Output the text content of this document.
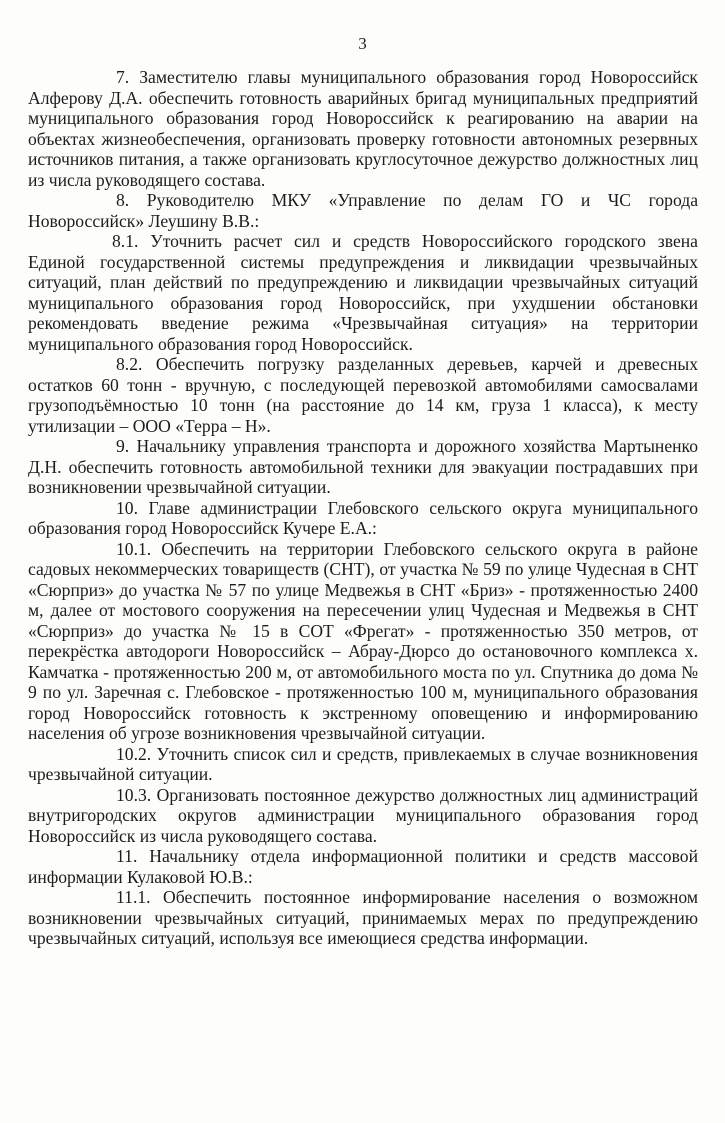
3

7. Заместителю главы муниципального образования город Новороссийск Алферову Д.А. обеспечить готовность аварийных бригад муниципальных предприятий муниципального образования город Новороссийск к реагированию на аварии на объектах жизнеобеспечения, организовать проверку готовности автономных резервных источников питания, а также организовать круглосуточное дежурство должностных лиц из числа руководящего состава.

8. Руководителю МКУ «Управление по делам ГО и ЧС города Новороссийск» Леушину В.В.:

8.1. Уточнить расчет сил и средств Новороссийского городского звена Единой государственной системы предупреждения и ликвидации чрезвычайных ситуаций, план действий по предупреждению и ликвидации чрезвычайных ситуаций муниципального образования город Новороссийск, при ухудшении обстановки рекомендовать введение режима «Чрезвычайная ситуация» на территории муниципального образования город Новороссийск.

8.2. Обеспечить погрузку разделанных деревьев, карчей и древесных остатков 60 тонн - вручную, с последующей перевозкой автомобилями самосвалами грузоподъёмностью 10 тонн (на расстояние до 14 км, груза 1 класса), к месту утилизации – ООО «Терра – Н».

9. Начальнику управления транспорта и дорожного хозяйства Мартыненко Д.Н. обеспечить готовность автомобильной техники для эвакуации пострадавших при возникновении чрезвычайной ситуации.

10. Главе администрации Глебовского сельского округа муниципального образования город Новороссийск Кучере Е.А.:

10.1. Обеспечить на территории Глебовского сельского округа в районе садовых некоммерческих товариществ (СНТ), от участка № 59 по улице Чудесная в СНТ «Сюрприз» до участка № 57 по улице Медвежья в СНТ «Бриз» - протяженностью 2400 м, далее от мостового сооружения на пересечении улиц Чудесная и Медвежья в СНТ «Сюрприз» до участка № 15 в СОТ «Фрегат» - протяженностью 350 метров, от перекрёстка автодороги Новороссийск – Абрау-Дюрсо до остановочного комплекса х. Камчатка - протяженностью 200 м, от автомобильного моста по ул. Спутника до дома № 9 по ул. Заречная с. Глебовское - протяженностью 100 м, муниципального образования город Новороссийск готовность к экстренному оповещению и информированию населения об угрозе возникновения чрезвычайной ситуации.

10.2. Уточнить список сил и средств, привлекаемых в случае возникновения чрезвычайной ситуации.

10.3. Организовать постоянное дежурство должностных лиц администраций внутригородских округов администрации муниципального образования город Новороссийск из числа руководящего состава.

11. Начальнику отдела информационной политики и средств массовой информации Кулаковой Ю.В.:

11.1. Обеспечить постоянное информирование населения о возможном возникновении чрезвычайных ситуаций, принимаемых мерах по предупреждению чрезвычайных ситуаций, используя все имеющиеся средства информации.
